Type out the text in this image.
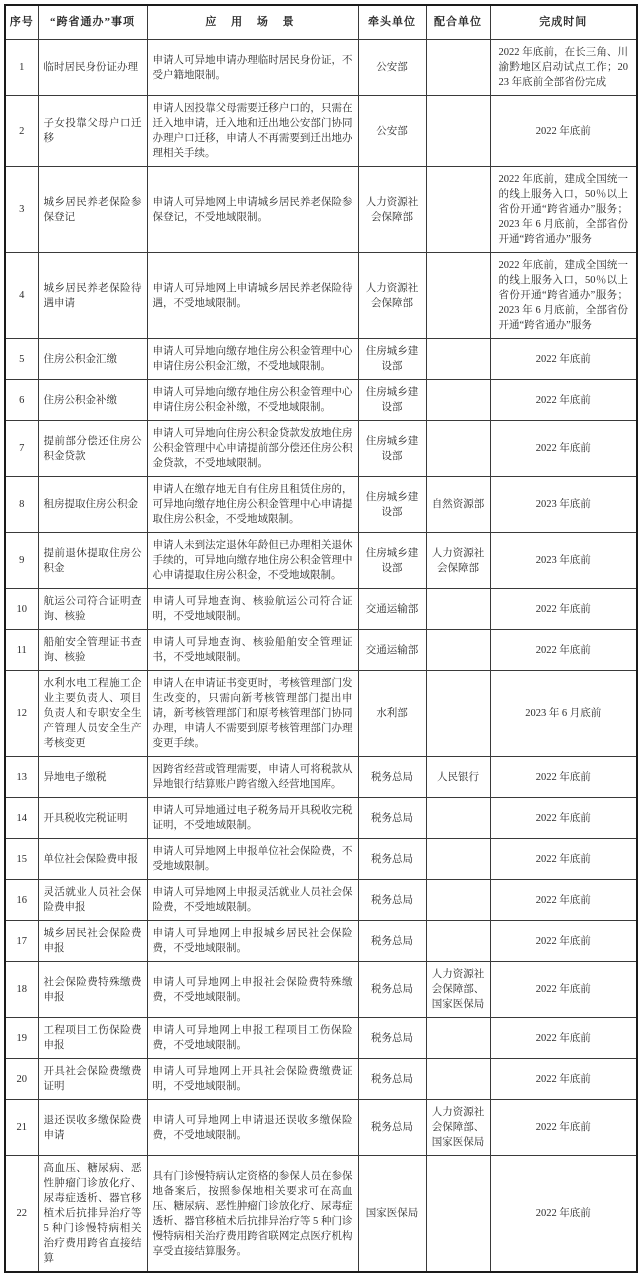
序号	“跨省通办”事项	应 用 场 景	牵头单位	配合单位	完成时间
1	临时居民身份证办理	申请人可异地申请办理临时居民身份证，不受户籍地限制。	公安部		2022 年底前，在长三角、川渝黔地区启动试点工作；2023 年底前全部省份完成
2	子女投靠父母户口迁移	申请人因投靠父母需要迁移户口的，只需在迁入地申请，迁入地和迁出地公安部门协同办理户口迁移，申请人不再需要到迁出地办理相关手续。	公安部		2022 年底前
3	城乡居民养老保险参保登记	申请人可异地网上申请城乡居民养老保险参保登记，不受地域限制。	人力资源社会保障部		2022 年底前，建成全国统一的线上服务入口，50％以上省份开通“跨省通办”服务；2023 年 6 月底前，全部省份开通“跨省通办”服务
4	城乡居民养老保险待遇申请	申请人可异地网上申请城乡居民养老保险待遇，不受地域限制。	人力资源社会保障部		2022 年底前，建成全国统一的线上服务入口，50％以上省份开通“跨省通办”服务；2023 年 6 月底前，全部省份开通“跨省通办”服务
5	住房公积金汇缴	申请人可异地向缴存地住房公积金管理中心申请住房公积金汇缴，不受地域限制。	住房城乡建设部		2022 年底前
6	住房公积金补缴	申请人可异地向缴存地住房公积金管理中心申请住房公积金补缴，不受地域限制。	住房城乡建设部		2022 年底前
7	提前部分偿还住房公积金贷款	申请人可异地向住房公积金贷款发放地住房公积金管理中心申请提前部分偿还住房公积金贷款，不受地域限制。	住房城乡建设部		2022 年底前
8	租房提取住房公积金	申请人在缴存地无自有住房且租赁住房的，可异地向缴存地住房公积金管理中心申请提取住房公积金，不受地域限制。	住房城乡建设部	自然资源部	2023 年底前
9	提前退休提取住房公积金	申请人未到法定退休年龄但已办理相关退休手续的，可异地向缴存地住房公积金管理中心申请提取住房公积金，不受地域限制。	住房城乡建设部	人力资源社会保障部	2023 年底前
10	航运公司符合证明查询、核验	申请人可异地查询、核验航运公司符合证明，不受地域限制。	交通运输部		2022 年底前
11	船舶安全管理证书查询、核验	申请人可异地查询、核验船舶安全管理证书，不受地域限制。	交通运输部		2022 年底前
12	水利水电工程施工企业主要负责人、项目负责人和专职安全生产管理人员安全生产考核变更	申请人在申请证书变更时，考核管理部门发生改变的，只需向新考核管理部门提出申请，新考核管理部门和原考核管理部门协同办理，申请人不需要到原考核管理部门办理变更手续。	水利部		2023 年 6 月底前
13	异地电子缴税	因跨省经营或管理需要，申请人可将税款从异地银行结算账户跨省缴入经营地国库。	税务总局	人民银行	2022 年底前
14	开具税收完税证明	申请人可异地通过电子税务局开具税收完税证明，不受地域限制。	税务总局		2022 年底前
15	单位社会保险费申报	申请人可异地网上申报单位社会保险费，不受地域限制。	税务总局		2022 年底前
16	灵活就业人员社会保险费申报	申请人可异地网上申报灵活就业人员社会保险费，不受地域限制。	税务总局		2022 年底前
17	城乡居民社会保险费申报	申请人可异地网上申报城乡居民社会保险费，不受地域限制。	税务总局		2022 年底前
18	社会保险费特殊缴费申报	申请人可异地网上申报社会保险费特殊缴费，不受地域限制。	税务总局	人力资源社会保障部、国家医保局	2022 年底前
19	工程项目工伤保险费申报	申请人可异地网上申报工程项目工伤保险费，不受地域限制。	税务总局		2022 年底前
20	开具社会保险费缴费证明	申请人可异地网上开具社会保险费缴费证明，不受地域限制。	税务总局		2022 年底前
21	退还误收多缴保险费申请	申请人可异地网上申请退还误收多缴保险费，不受地域限制。	税务总局	人力资源社会保障部、国家医保局	2022 年底前
22	高血压、糖尿病、恶性肿瘤门诊放化疗、尿毒症透析、器官移植术后抗排异治疗等 5 种门诊慢特病相关治疗费用跨省直接结算	具有门诊慢特病认定资格的参保人员在参保地备案后，按照参保地相关要求可在高血压、糖尿病、恶性肿瘤门诊放化疗、尿毒症透析、器官移植术后抗排异治疗等 5 种门诊慢特病相关治疗费用跨省联网定点医疗机构享受直接结算服务。	国家医保局		2022 年底前
